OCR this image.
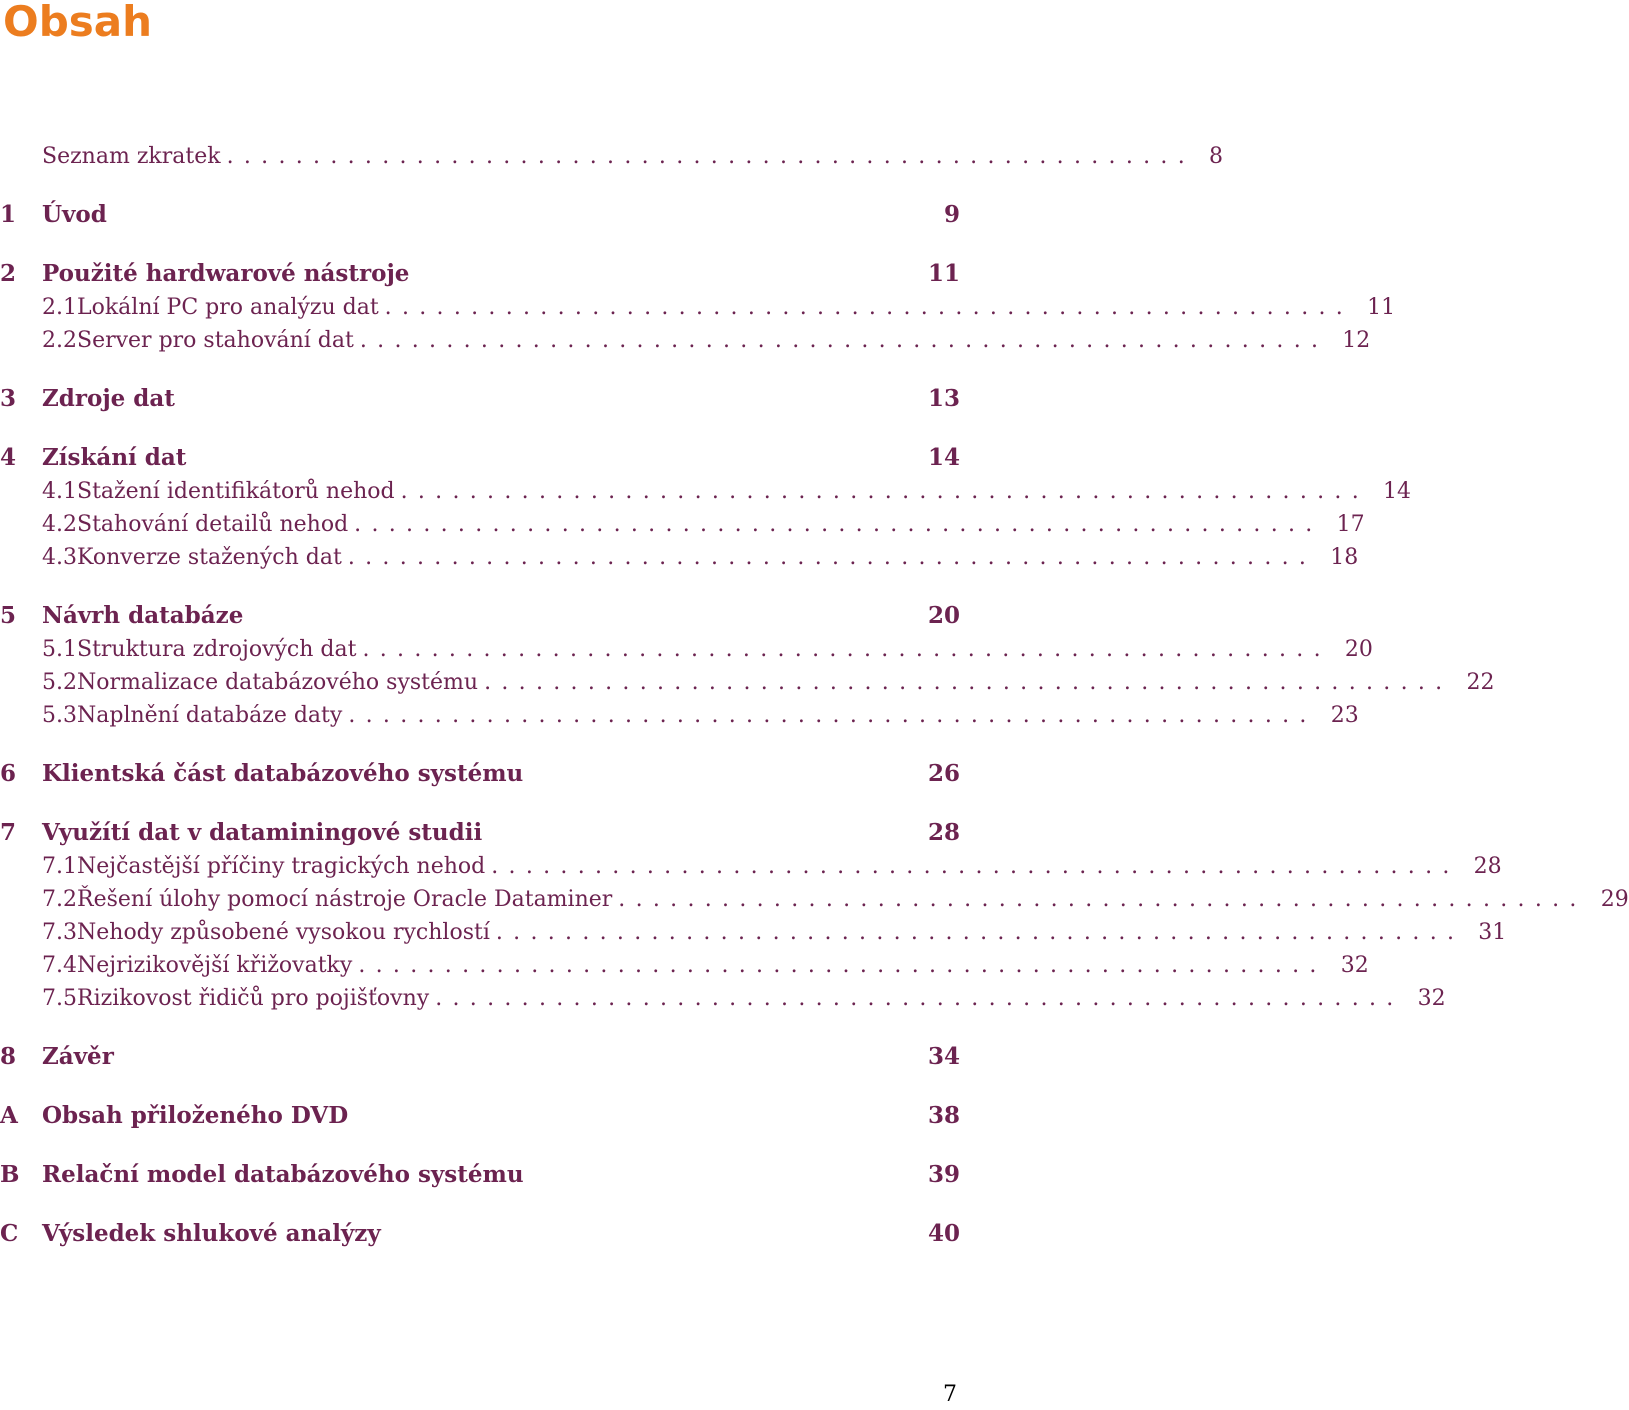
Obsah
Seznam zkratek ........................................................ 8
1	Úvod	9
2	Použité hardwarové nástroje	11
2.1 Lokální PC pro analýzu dat ........................................................ 11
2.2 Server pro stahování dat ........................................................ 12
3	Zdroje dat	13
4	Získání dat	14
4.1 Stažení identifikátorů nehod ........................................................ 14
4.2 Stahování detailů nehod ........................................................ 17
4.3 Konverze stažených dat ........................................................ 18
5	Návrh databáze	20
5.1 Struktura zdrojových dat ........................................................ 20
5.2 Normalizace databázového systému ........................................................ 22
5.3 Naplnění databáze daty ........................................................ 23
6	Klientská část databázového systému	26
7	Využítí dat v dataminingové studii	28
7.1 Nejčastější příčiny tragických nehod ........................................................ 28
7.2 Řešení úlohy pomocí nástroje Oracle Dataminer ........................................................ 29
7.3 Nehody způsobené vysokou rychlostí ........................................................ 31
7.4 Nejrizikovější křižovatky ........................................................ 32
7.5 Rizikovost řidičů pro pojišťovny ........................................................ 32
8	Závěr	34
A	Obsah přiloženého DVD	38
B Relační model databázového systému	39
C	Výsledek shlukové analýzy	40
7
